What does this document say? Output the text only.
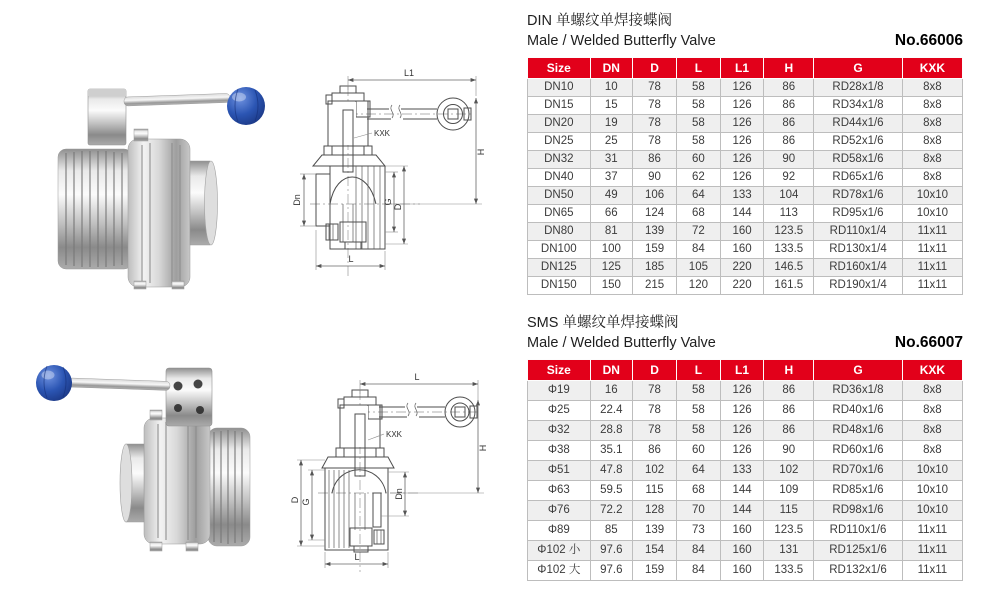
L1
H
KXK
Dn	G
D
L
DIN 单螺纹单焊接蝶阀
Male / Welded Butterfly Valve	No.66006
Size	DN	D	L	L1	H	G	KXK
DN10	10	78	58	126	86	RD28x1/8	8x8
DN15	15	78	58	126	86	RD34x1/8	8x8
DN20	19	78	58	126	86	RD44x1/6	8x8
DN25	25	78	58	126	86	RD52x1/6	8x8
DN32	31	86	60	126	90	RD58x1/6	8x8
DN40	37	90	62	126	92	RD65x1/6	8x8
DN50	49	106	64	133	104	RD78x1/6	10x10
DN65	66	124	68	144	113	RD95x1/6	10x10
DN80	81	139	72	160	123.5	RD110x1/4	11x11
DN100	100	159	84	160	133.5	RD130x1/4	11x11
DN125	125	185	105	220	146.5	RD160x1/4	11x11
DN150	150	215	120	220	161.5	RD190x1/4	11x11
L
H
KXK
D G
Dn
L
SMS 单螺纹单焊接蝶阀
Male / Welded Butterfly Valve	No.66007
Size	DN	D	L	L1	H	G	KXK
Φ19	16	78	58	126	86	RD36x1/8	8x8
Φ25	22.4	78	58	126	86	RD40x1/6	8x8
Φ32	28.8	78	58	126	86	RD48x1/6	8x8
Φ38	35.1	86	60	126	90	RD60x1/6	8x8
Φ51	47.8	102	64	133	102	RD70x1/6	10x10
Φ63	59.5	115	68	144	109	RD85x1/6	10x10
Φ76	72.2	128	70	144	115	RD98x1/6	10x10
Φ89	85	139	73	160	123.5	RD110x1/6	11x11
Φ102 小	97.6	154	84	160	131	RD125x1/6	11x11
Φ102 大	97.6	159	84	160	133.5	RD132x1/6	11x11
